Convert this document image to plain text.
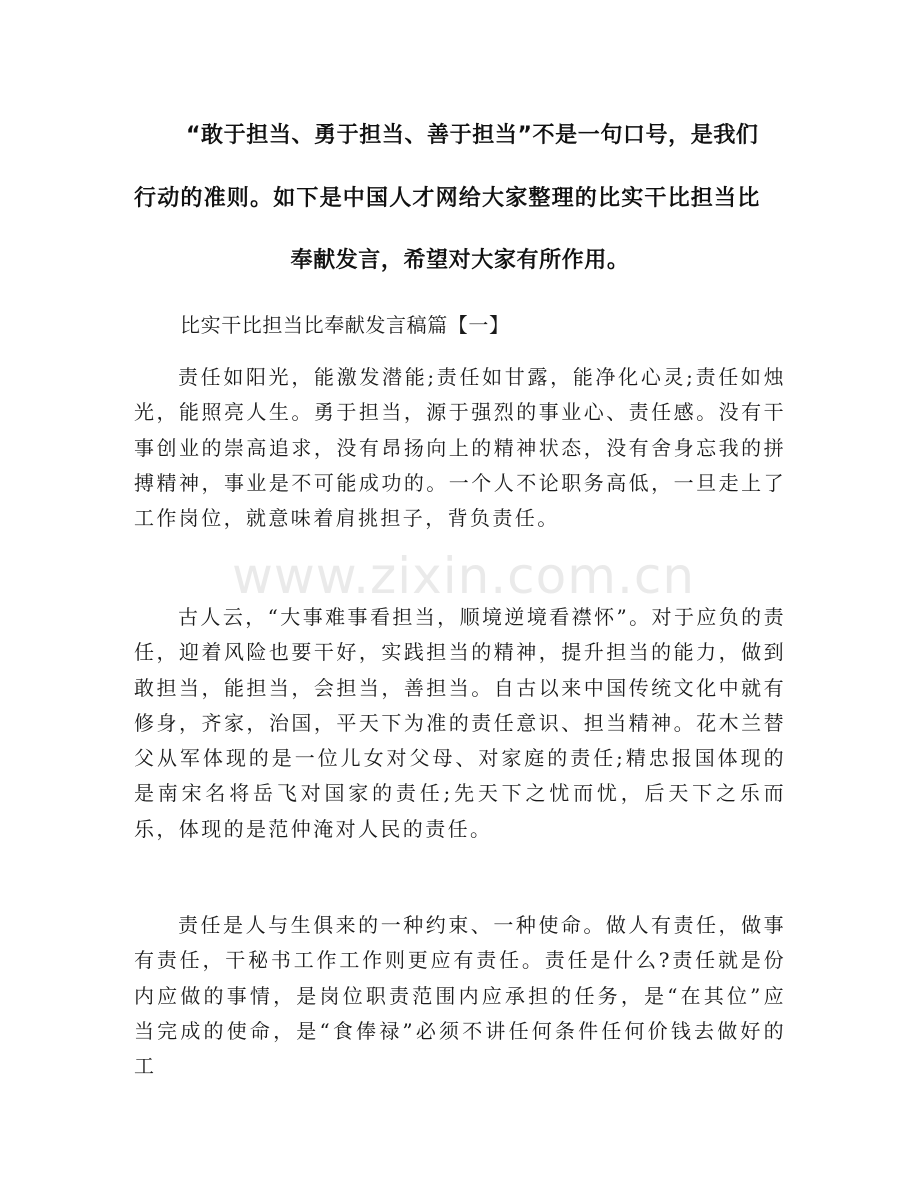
“敢于担当、勇于担当、善于担当”不是一句口号，是我们

行动的准则。如下是中国人才网给大家整理的比实干比担当比

奉献发言，希望对大家有所作用。

比实干比担当比奉献发言稿篇【一】

责任如阳光，能激发潜能;责任如甘露，能净化心灵;责任如烛光，能照亮人生。勇于担当，源于强烈的事业心、责任感。没有干事创业的崇高追求，没有昂扬向上的精神状态，没有舍身忘我的拼搏精神，事业是不可能成功的。一个人不论职务高低，一旦走上了工作岗位，就意味着肩挑担子，背负责任。

古人云，“大事难事看担当，顺境逆境看襟怀”。对于应负的责任，迎着风险也要干好，实践担当的精神，提升担当的能力，做到敢担当，能担当，会担当，善担当。自古以来中国传统文化中就有修身，齐家，治国，平天下为准的责任意识、担当精神。花木兰替父从军体现的是一位儿女对父母、对家庭的责任;精忠报国体现的是南宋名将岳飞对国家的责任;先天下之忧而忧，后天下之乐而乐，体现的是范仲淹对人民的责任。

责任是人与生俱来的一种约束、一种使命。做人有责任，做事有责任，干秘书工作工作则更应有责任。责任是什么?责任就是份内应做的事情，是岗位职责范围内应承担的任务，是“在其位”应当完成的使命，是“食俸禄”必须不讲任何条件任何价钱去做好的工

www.zixin.com.cn
